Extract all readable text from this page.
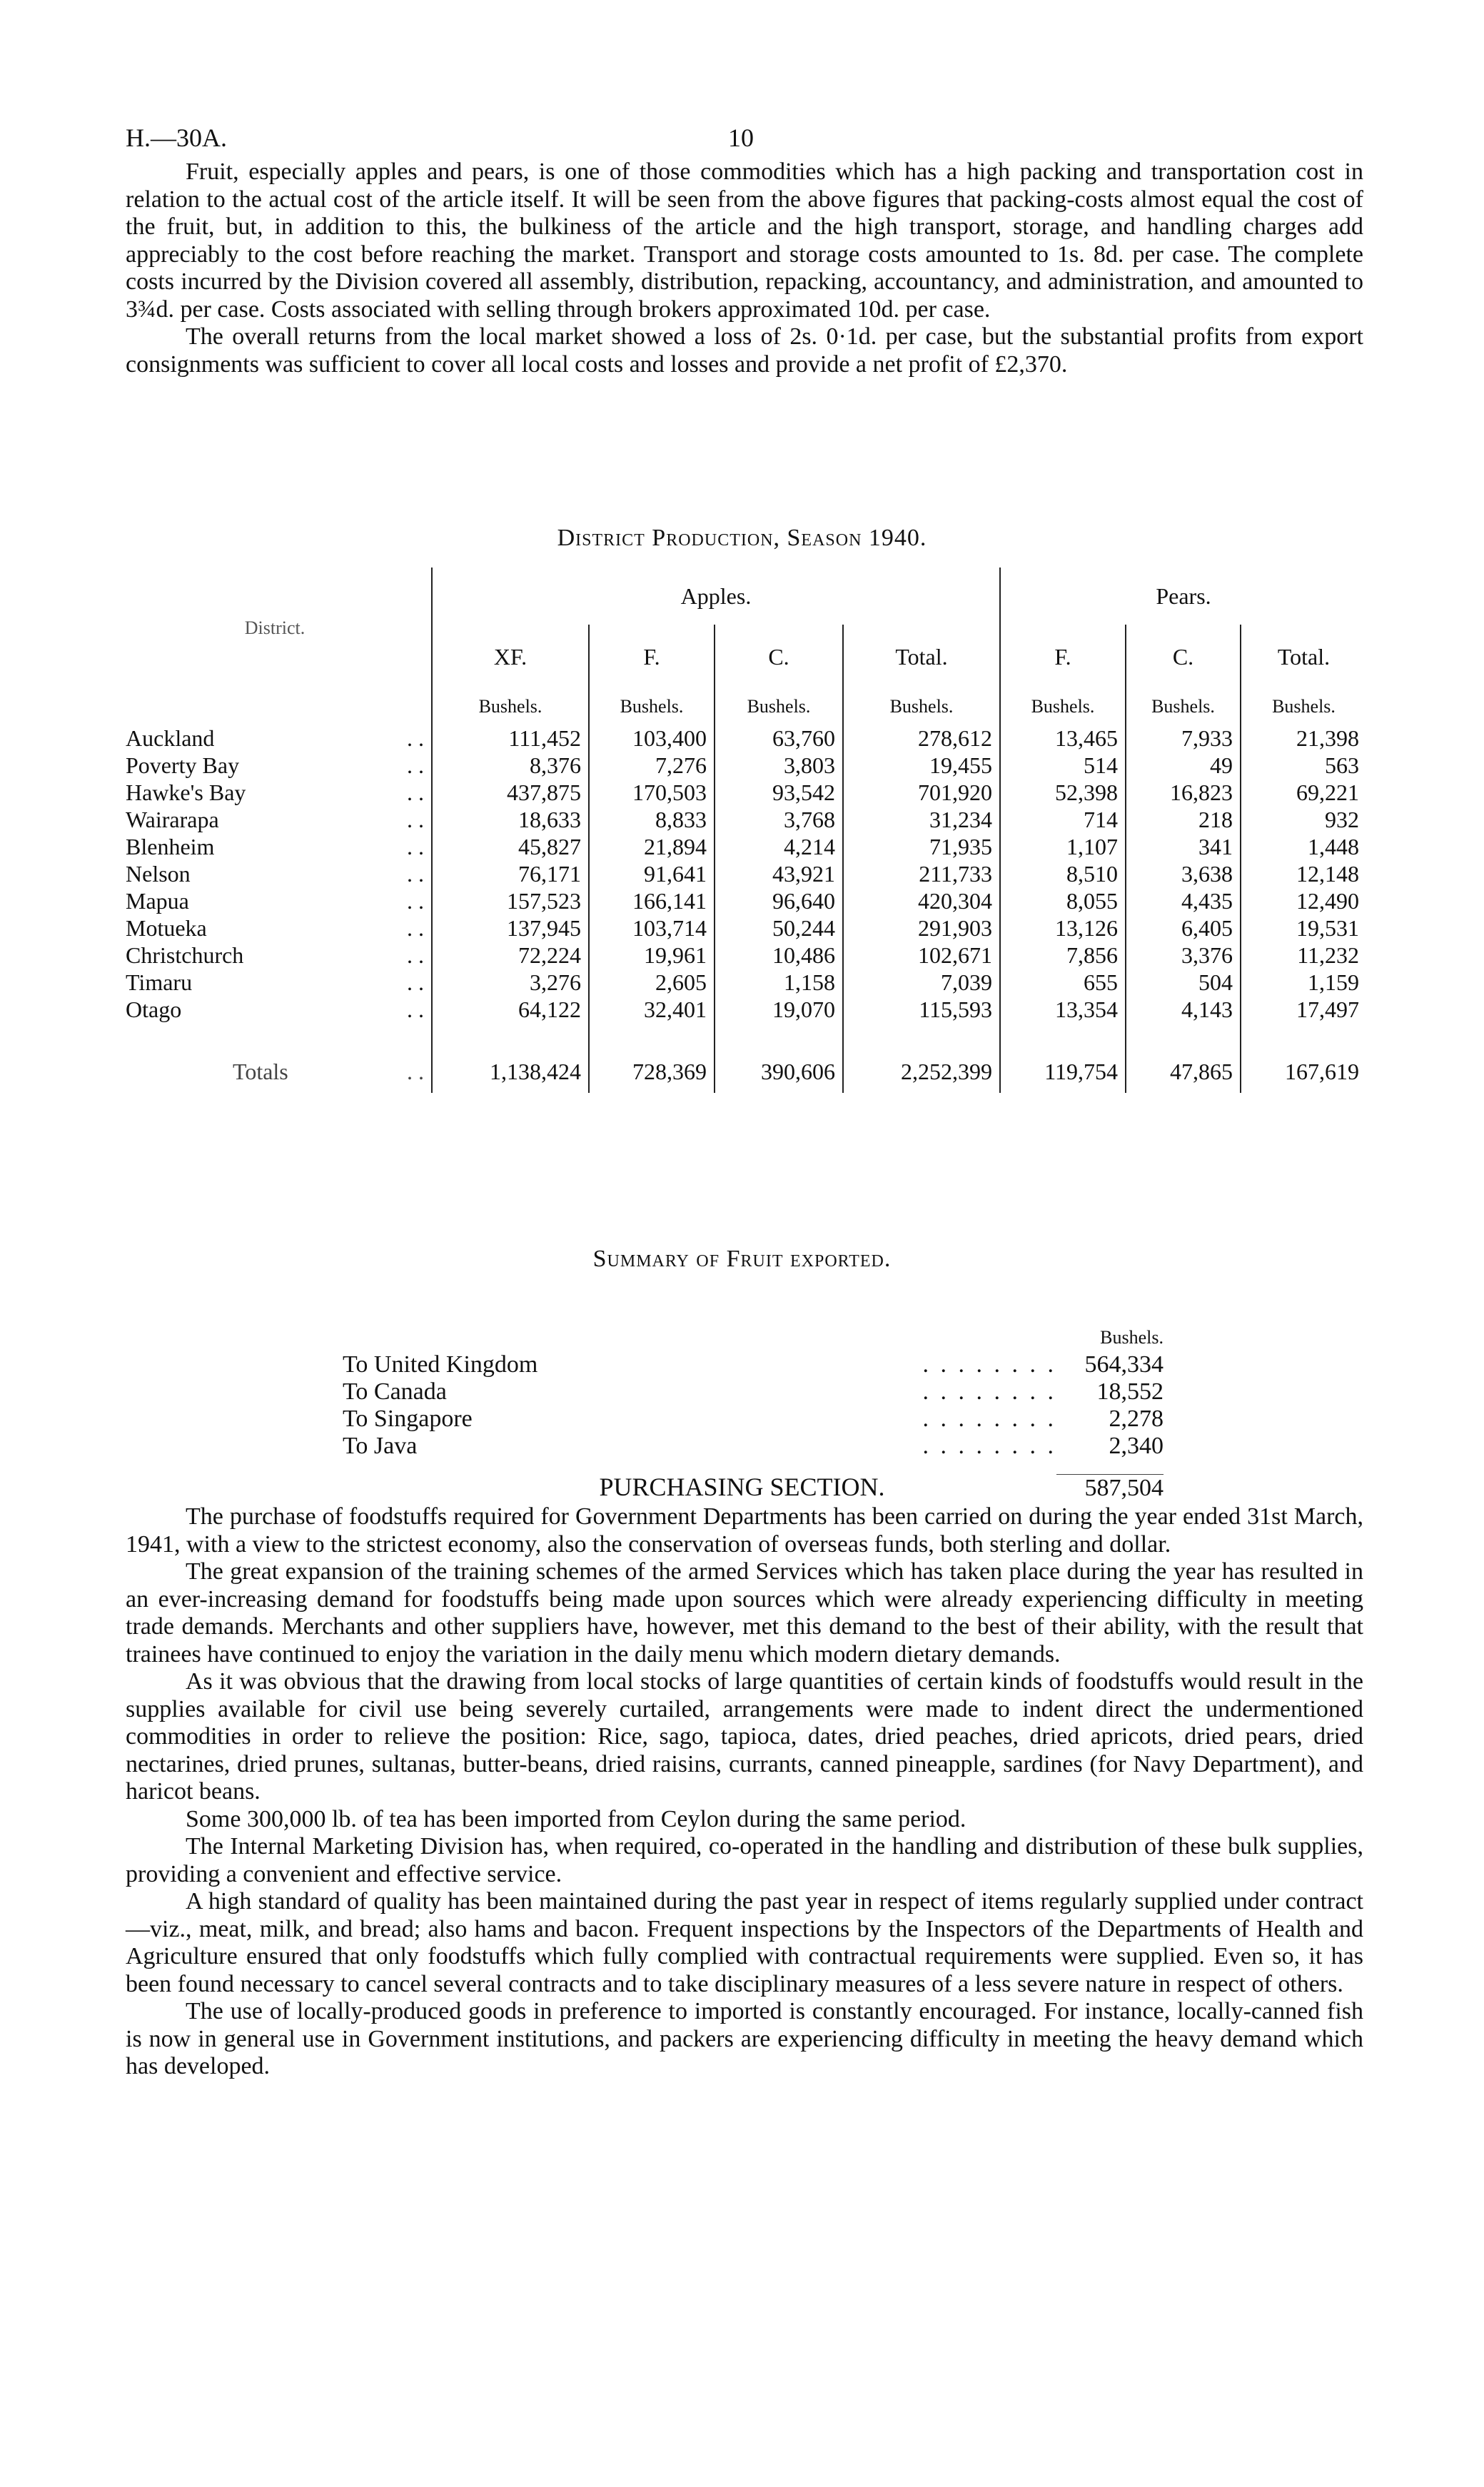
H.—30A.	10

Fruit, especially apples and pears, is one of those commodities which has a high packing and transportation cost in relation to the actual cost of the article itself. It will be seen from the above figures that packing-costs almost equal the cost of the fruit, but, in addition to this, the bulkiness of the article and the high transport, storage, and handling charges add appreciably to the cost before reaching the market. Transport and storage costs amounted to 1s. 8d. per case. The complete costs incurred by the Division covered all assembly, distribution, repacking, accountancy, and administration, and amounted to 3¾d. per case. Costs associated with selling through brokers approximated 10d. per case.

The overall returns from the local market showed a loss of 2s. 0·1d. per case, but the substantial profits from export consignments was sufficient to cover all local costs and losses and provide a net profit of £2,370.

District Production, Season 1940.
District.	Apples.				Pears.		
	XF.	F.	C.	Total.	F.	C.	Total.
	Bushels.	Bushels.	Bushels.	Bushels.	Bushels.	Bushels.	Bushels.
Auckland . .	111,452	103,400	63,760	278,612	13,465	7,933	21,398
Poverty Bay . .	8,376	7,276	3,803	19,455	514	49	563
Hawke's Bay . .	437,875	170,503	93,542	701,920	52,398	16,823	69,221
Wairarapa . .	18,633	8,833	3,768	31,234	714	218	932
Blenheim . .	45,827	21,894	4,214	71,935	1,107	341	1,448
Nelson . .	76,171	91,641	43,921	211,733	8,510	3,638	12,148
Mapua . .	157,523	166,141	96,640	420,304	8,055	4,435	12,490
Motueka . .	137,945	103,714	50,244	291,903	13,126	6,405	19,531
Christchurch . .	72,224	19,961	10,486	102,671	7,856	3,376	11,232
Timaru . .	3,276	2,605	1,158	7,039	655	504	1,159
Otago . .	64,122	32,401	19,070	115,593	13,354	4,143	17,497

Totals . .	1,138,424	728,369	390,606	2,252,399	119,754	47,865	167,619
Summary of Fruit exported.
Bushels.
To United Kingdom	. . . . . . . .	564,334
To Canada	. . . . . . . .	18,552
To Singapore	. . . . . . . .	2,278
To Java	. . . . . . . .	2,340
587,504
PURCHASING SECTION.

The purchase of foodstuffs required for Government Departments has been carried on during the year ended 31st March, 1941, with a view to the strictest economy, also the conservation of overseas funds, both sterling and dollar.

The great expansion of the training schemes of the armed Services which has taken place during the year has resulted in an ever-increasing demand for foodstuffs being made upon sources which were already experiencing difficulty in meeting trade demands. Merchants and other suppliers have, however, met this demand to the best of their ability, with the result that trainees have continued to enjoy the variation in the daily menu which modern dietary demands.

As it was obvious that the drawing from local stocks of large quantities of certain kinds of foodstuffs would result in the supplies available for civil use being severely curtailed, arrangements were made to indent direct the undermentioned commodities in order to relieve the position: Rice, sago, tapioca, dates, dried peaches, dried apricots, dried pears, dried nectarines, dried prunes, sultanas, butter-beans, dried raisins, currants, canned pineapple, sardines (for Navy Department), and haricot beans.

Some 300,000 lb. of tea has been imported from Ceylon during the same period.

The Internal Marketing Division has, when required, co-operated in the handling and distribution of these bulk supplies, providing a convenient and effective service.

A high standard of quality has been maintained during the past year in respect of items regularly supplied under contract—viz., meat, milk, and bread; also hams and bacon. Frequent inspections by the Inspectors of the Departments of Health and Agriculture ensured that only foodstuffs which fully complied with contractual requirements were supplied. Even so, it has been found necessary to cancel several contracts and to take disciplinary measures of a less severe nature in respect of others.

The use of locally-produced goods in preference to imported is constantly encouraged. For instance, locally-canned fish is now in general use in Government institutions, and packers are experiencing difficulty in meeting the heavy demand which has developed.
